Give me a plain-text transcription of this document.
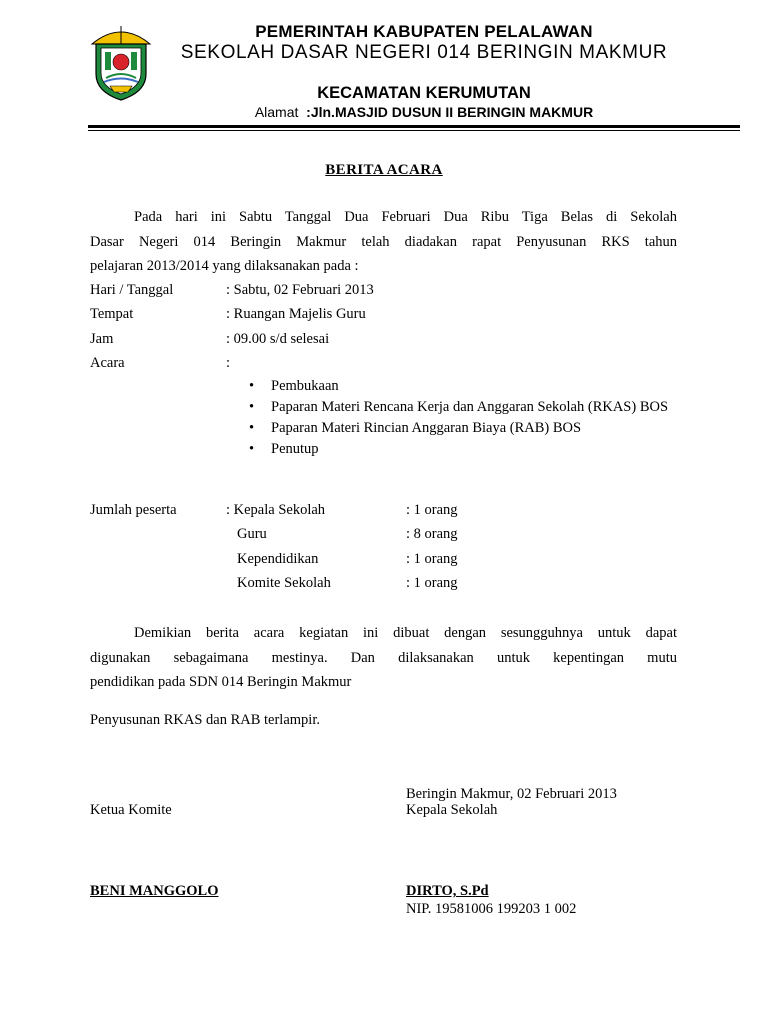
PEMERINTAH KABUPATEN PELALAWAN
SEKOLAH DASAR NEGERI 014 BERINGIN MAKMUR
KECAMATAN KERUMUTAN
Alamat :Jln.MASJID DUSUN II BERINGIN MAKMUR
BERITA ACARA
Pada hari ini Sabtu Tanggal Dua Februari Dua Ribu Tiga Belas di Sekolah
Dasar Negeri 014 Beringin Makmur telah diadakan rapat Penyusunan RKS tahun
pelajaran 2013/2014 yang dilaksanakan pada :
Hari / Tanggal	: Sabtu, 02 Februari 2013
Tempat	: Ruangan Majelis Guru
Jam	: 09.00 s/d selesai
Acara	:
• Pembukaan
• Paparan Materi Rencana Kerja dan Anggaran Sekolah (RKAS) BOS
• Paparan Materi Rincian Anggaran Biaya (RAB) BOS
• Penutup
Jumlah peserta	: Kepala Sekolah	: 1 orang
Guru	: 8 orang
Kependidikan	: 1 orang
Komite Sekolah	: 1 orang
Demikian berita acara kegiatan ini dibuat dengan sesungguhnya untuk dapat
digunakan sebagaimana mestinya. Dan dilaksanakan untuk kepentingan mutu
pendidikan pada SDN 014 Beringin Makmur
Penyusunan RKAS dan RAB terlampir.
Beringin Makmur, 02 Februari 2013
Ketua Komite	Kepala Sekolah
BENI MANGGOLO	DIRTO, S.Pd
NIP. 19581006 199203 1 002
